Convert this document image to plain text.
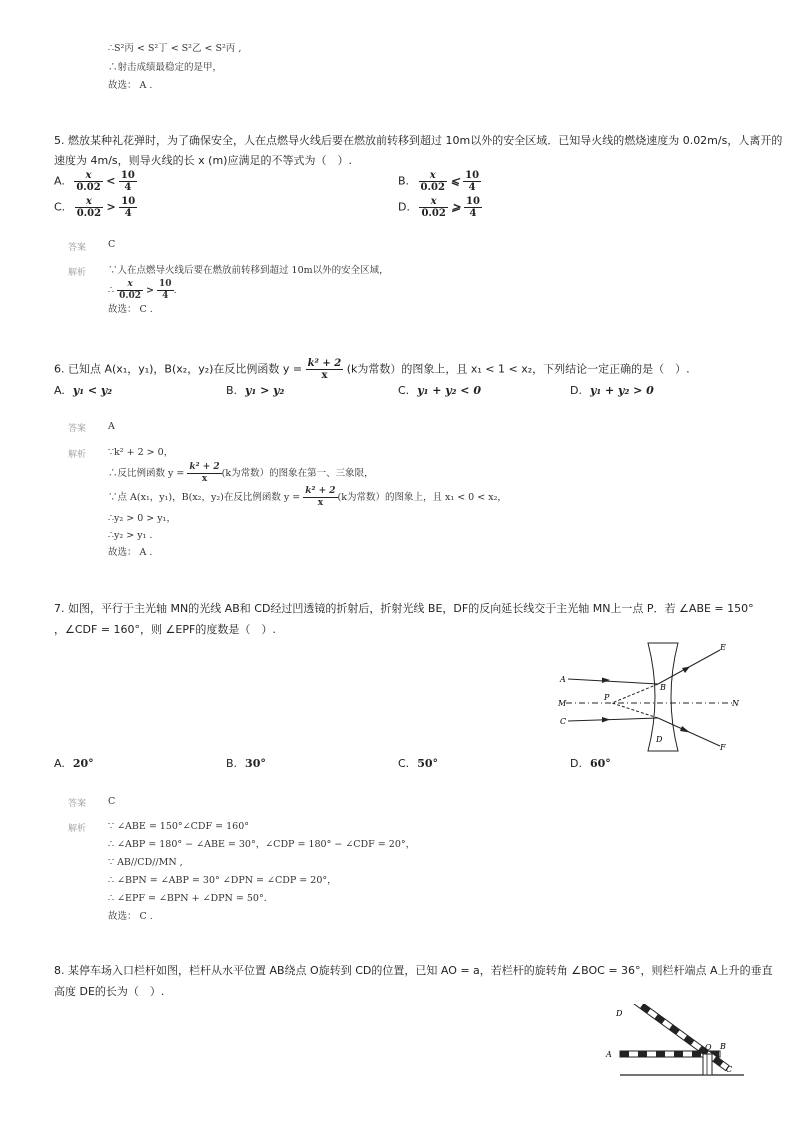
∴S²丙 < S²丁 < S²乙 < S²丙 ,
∴射击成绩最稳定的是甲，
故选： A .
5. 燃放某种礼花弹时，为了确保安全，人在点燃导火线后要在燃放前转移到超过 10m以外的安全区域．已知导火线的燃烧速度为 0.02m/s，人离开的
速度为 4m/s，则导火线的长 x (m)应满足的不等式为（　）.
A. $\frac{x}{0.02} < \frac{10}{4}$	B. $\frac{x}{0.02}$ ⩽ $\frac{10}{4}$
C. $\frac{x}{0.02} > \frac{10}{4}$	D. $\frac{x}{0.02}$ ⩾ $\frac{10}{4}$
答案 C
解析 ∵人在点燃导火线后要在燃放前转移到超过 10m以外的安全区域，
∴ $\frac{x}{0.02} > \frac{10}{4}$ .
故选： C .
6. 已知点 A(x₁，y₁)，B(x₂，y₂)在反比例函数 $y = \frac{\text{k² + 2}}{x} (k$为常数）的图象上，且 x₁ < 1 < x₂，下列结论一定正确的是（　）.
A. y₁ < y₂	B. y₁ > y₂	C. y₁ + y₂ < 0	D. y₁ + y₂ > 0
答案 A
解析 ∵k² + 2 > 0，
∴反比例函数 $y = \frac{\text{k² + 2}}{x} (k$为常数）的图象在第一、三象限，
∵点 A(x₁，y₁)，B(x₂，y₂)在反比例函数 $y = \frac{\text{k² + 2}}{x} (k$为常数）的图象上，且 x₁ < 0 < x₂，
∴y₂ > 0 > y₁，
∴y₂ > y₁ .
故选： A .
7. 如图，平行于主光轴 MN的光线 AB和 CD经过凹透镜的折射后，折射光线 BE，DF的反向延长线交于主光轴 MN上一点 P．若 ∠ABE = 150°
，∠CDF = 160°，则 ∠EPF的度数是（　）.
A
C
M	N
P
B
D
E
F
A. 20°	B. 30°	C. 50°	D. 60°
答案 C
解析 ∵ ∠ABE = 150°∠CDF = 160°
∴ ∠ABP = 180° − ∠ABE = 30°，∠CDP = 180° − ∠CDF = 20°，
∵ AB//CD//MN ,
∴ ∠BPN = ∠ABP = 30° ∠DPN = ∠CDP = 20°，
∴ ∠EPF = ∠BPN + ∠DPN = 50°．
故选： C .
8. 某停车场入口栏杆如图，栏杆从水平位置 AB绕点 O旋转到 CD的位置，已知 AO = a，若栏杆的旋转角 ∠BOC = 36°，则栏杆端点 A上升的垂直
高度 DE的长为（　）.
D
A
O B
C
